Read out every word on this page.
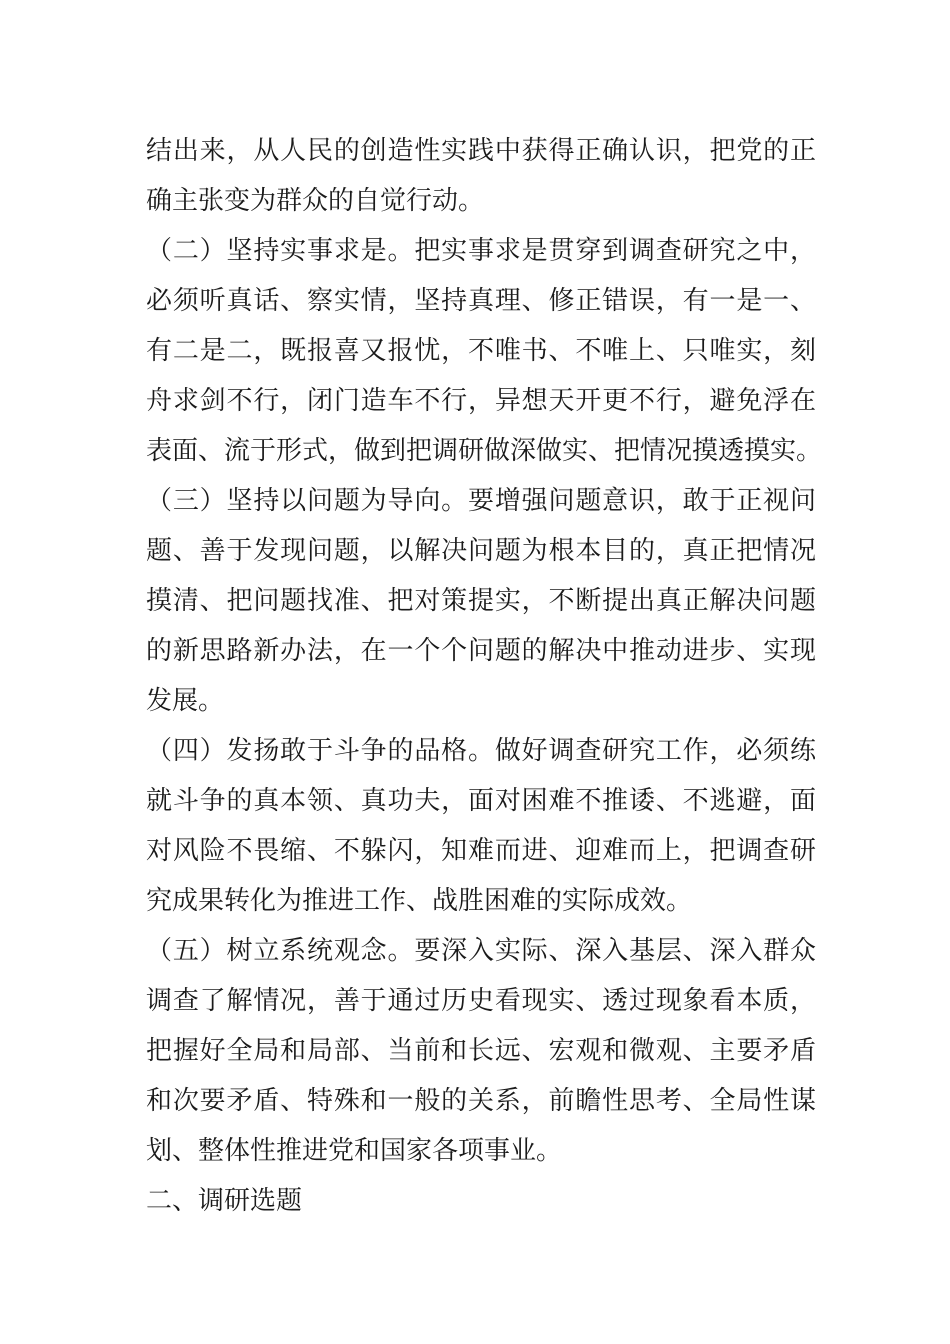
结出来，从人民的创造性实践中获得正确认识，把党的正
确主张变为群众的自觉行动。
（二）坚持实事求是。把实事求是贯穿到调查研究之中，
必须听真话、察实情，坚持真理、修正错误，有一是一、
有二是二，既报喜又报忧，不唯书、不唯上、只唯实，刻
舟求剑不行，闭门造车不行，异想天开更不行，避免浮在
表面、流于形式，做到把调研做深做实、把情况摸透摸实。
（三）坚持以问题为导向。要增强问题意识，敢于正视问
题、善于发现问题，以解决问题为根本目的，真正把情况
摸清、把问题找准、把对策提实，不断提出真正解决问题
的新思路新办法，在一个个问题的解决中推动进步、实现
发展。
（四）发扬敢于斗争的品格。做好调查研究工作，必须练
就斗争的真本领、真功夫，面对困难不推诿、不逃避，面
对风险不畏缩、不躲闪，知难而进、迎难而上，把调查研
究成果转化为推进工作、战胜困难的实际成效。
（五）树立系统观念。要深入实际、深入基层、深入群众
调查了解情况，善于通过历史看现实、透过现象看本质，
把握好全局和局部、当前和长远、宏观和微观、主要矛盾
和次要矛盾、特殊和一般的关系，前瞻性思考、全局性谋
划、整体性推进党和国家各项事业。
二、调研选题
